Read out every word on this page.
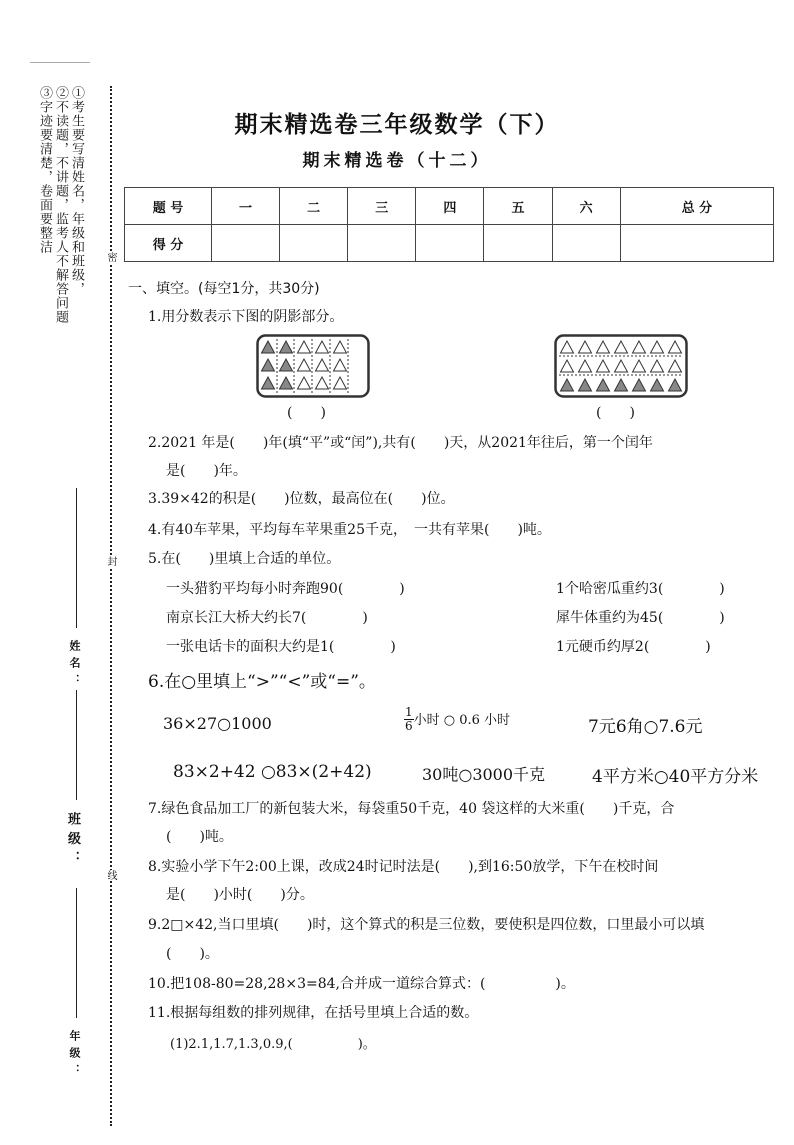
①考生要写清姓名，年级和班级，
②不读题，不讲题，监考人不解答问题
③字迹要清楚，卷面要整洁
密
封
线
姓 名 ：
班 级 ：
年 级 ：
期末精选卷三年级数学（下）
期末精选卷（十二）
题 号	一	二	三	四	五	六	总 分
得 分							
一、填空。(每空1分，共30分)
1.用分数表示下图的阴影部分。
(　　)	(　　)
2.2021 年是(　　)年(填“平”或“闰”),共有(　　)天，从2021年往后，第一个闰年
是(　　)年。
3.39×42的积是(　　)位数，最高位在(　　)位。
4.有40车苹果，平均每车苹果重25千克，　一共有苹果(　　)吨。
5.在(　　)里填上合适的单位。
一头猎豹平均每小时奔跑90(　　　　)	1个哈密瓜重约3(　　　　)
南京长江大桥大约长7(　　　　)	犀牛体重约为45(　　　　)
一张电话卡的面积大约是1(　　　　)	1元硬币约厚2(　　　　)
6.在○里填上“>”“<”或“=”。
36×27○1000	$\frac{1}{6}$ 小时 ○ 0.6 小时	7元6角○7.6元
83×2+42 ○83×(2+42)	30吨○3000千克	4平方米○40平方分米
7.绿色食品加工厂的新包装大米，每袋重50千克，40 袋这样的大米重(　　)千克，合
(　　)吨。
8.实验小学下午2:00上课，改成24时记时法是(　　),到16:50放学，下午在校时间
是(　　)小时(　　)分。
9.2□×42,当口里填(　　)时，这个算式的积是三位数，要使积是四位数，口里最小可以填
(　　)。
10.把108-80=28,28×3=84,合并成一道综合算式：(　　　　　)。
11.根据每组数的排列规律，在括号里填上合适的数。
(1)2.1,1.7,1.3,0.9,(　　　　　)。
